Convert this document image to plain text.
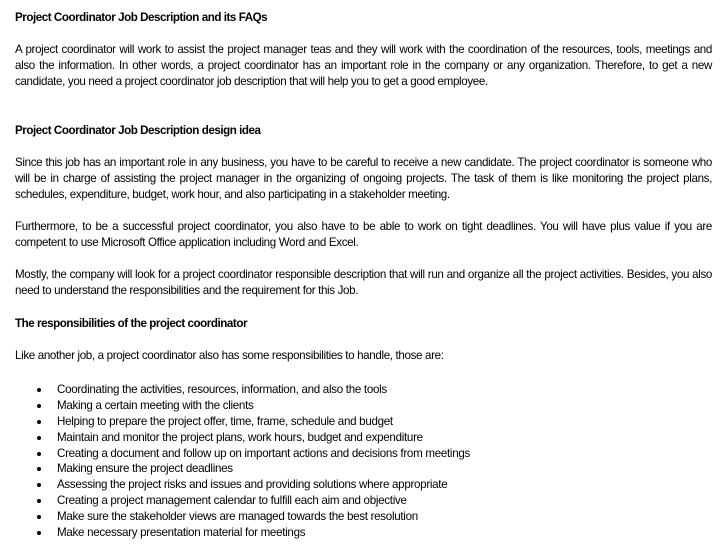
Project Coordinator Job Description and its FAQs
A project coordinator will work to assist the project manager teas and they will work with the coordination of the resources, tools, meetings and also the information. In other words, a project coordinator has an important role in the company or any organization. Therefore, to get a new candidate, you need a project coordinator job description that will help you to get a good employee.
Project Coordinator Job Description design idea
Since this job has an important role in any business, you have to be careful to receive a new candidate. The project coordinator is someone who will be in charge of assisting the project manager in the organizing of ongoing projects. The task of them is like monitoring the project plans, schedules, expenditure, budget, work hour, and also participating in a stakeholder meeting.
Furthermore, to be a successful project coordinator, you also have to be able to work on tight deadlines. You will have plus value if you are competent to use Microsoft Office application including Word and Excel.
Mostly, the company will look for a project coordinator responsible description that will run and organize all the project activities. Besides, you also need to understand the responsibilities and the requirement for this Job.
The responsibilities of the project coordinator
Like another job, a project coordinator also has some responsibilities to handle, those are:
Coordinating the activities, resources, information, and also the tools
Making a certain meeting with the clients
Helping to prepare the project offer, time, frame, schedule and budget
Maintain and monitor the project plans, work hours, budget and expenditure
Creating a document and follow up on important actions and decisions from meetings
Making ensure the project deadlines
Assessing the project risks and issues and providing solutions where appropriate
Creating a project management calendar to fulfill each aim and objective
Make sure the stakeholder views are managed towards the best resolution
Make necessary presentation material for meetings
